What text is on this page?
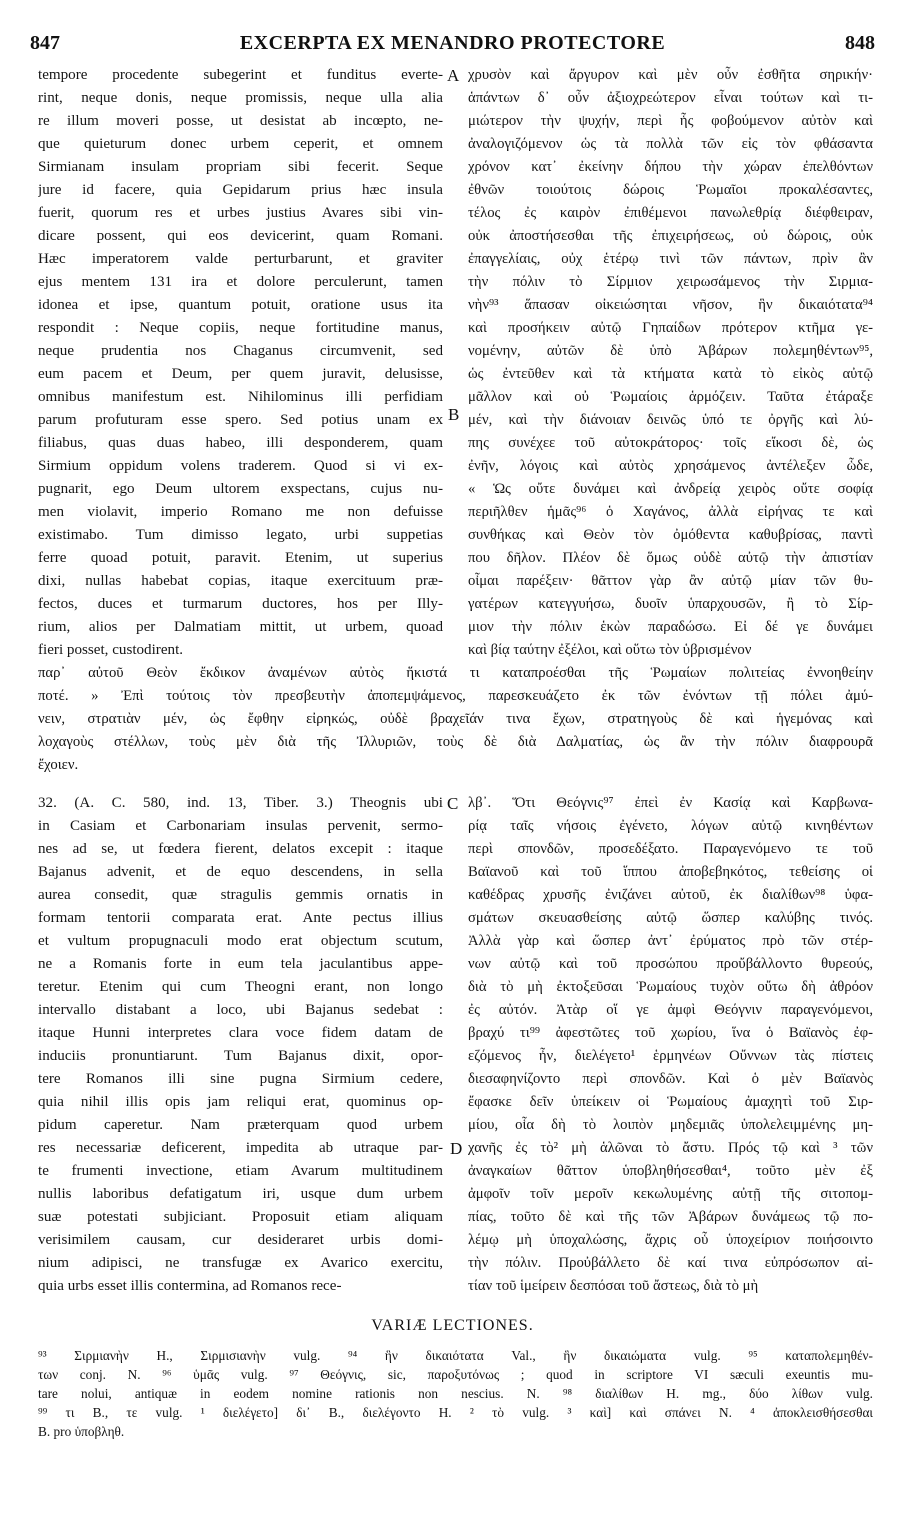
847	EXCERPTA EX MENANDRO PROTECTORE	848
tempore procedente subegerint et funditus everte-
rint, neque donis, neque promissis, neque ulla alia
re illum moveri posse, ut desistat ab incœpto, ne-
que quieturum donec urbem ceperit, et omnem
Sirmianam insulam propriam sibi fecerit. Seque
jure id facere, quia Gepidarum prius hæc insula
fuerit, quorum res et urbes justius Avares sibi vin-
dicare possent, qui eos devicerint, quam Romani.
Hæc imperatorem valde perturbarunt, et graviter
ejus mentem 131 ira et dolore perculerunt, tamen
idonea et ipse, quantum potuit, oratione usus ita
respondit : Neque copiis, neque fortitudine manus,
neque prudentia nos Chaganus circumvenit, sed
eum pacem et Deum, per quem juravit, delusisse,
omnibus manifestum est. Nihilominus illi perfidiam
parum profuturam esse spero. Sed potius unam ex
filiabus, quas duas habeo, illi desponderem, quam
Sirmium oppidum volens traderem. Quod si vi ex-
pugnarit, ego Deum ultorem exspectans, cujus nu-
men violavit, imperio Romano me non defuisse
existimabo. Tum dimisso legato, urbi suppetias
ferre quoad potuit, paravit. Etenim, ut superius
dixi, nullas habebat copias, itaque exercituum præ-
fectos, duces et turmarum ductores, hos per Illy-
rium, alios per Dalmatiam mittit, ut urbem, quoad
fieri posset, custodirent.
χρυσὸν καὶ ἄργυρον καὶ μὲν οὖν ἐσθῆτα σηρικήν·
ἁπάντων δ᾽ οὖν ἀξιοχρεώτερον εἶναι τούτων καὶ τι-
μιώτερον τὴν ψυχήν, περὶ ἧς φοβούμενον αὐτὸν καὶ
ἀναλογιζόμενον ὡς τὰ πολλὰ τῶν εἰς τὸν φθάσαντα
χρόνον κατ᾽ ἐκείνην δήπου τὴν χώραν ἐπελθόντων
ἐθνῶν τοιούτοις δώροις Ῥωμαῖοι προκαλέσαντες,
τέλος ἐς καιρὸν ἐπιθέμενοι πανωλεθρίᾳ διέφθειραν,
οὐκ ἀποστήσεσθαι τῆς ἐπιχειρήσεως, οὐ δώροις, οὐκ
ἐπαγγελίαις, οὐχ ἑτέρῳ τινὶ τῶν πάντων, πρὶν ἂν
τὴν πόλιν τὸ Σίρμιον χειρωσάμενος τὴν Σιρμια-
νὴν⁹³ ἅπασαν οἰκειώσηται νῆσον, ἣν δικαιότατα⁹⁴
καὶ προσήκειν αὐτῷ Γηπαίδων πρότερον κτῆμα γε-
νομένην, αὐτῶν δὲ ὑπὸ Ἀβάρων πολεμηθέντων⁹⁵,
ὡς ἐντεῦθεν καὶ τὰ κτήματα κατὰ τὸ εἰκὸς αὐτῷ
μᾶλλον καὶ οὐ Ῥωμαίοις ἁρμόζειν. Ταῦτα ἐτάραξε
μέν, καὶ τὴν διάνοιαν δεινῶς ὑπό τε ὀργῆς καὶ λύ-
πης συνέχεε τοῦ αὐτοκράτορος· τοῖς εἴκοσι δὲ, ὡς
ἐνῆν, λόγοις καὶ αὐτὸς χρησάμενος ἀντέλεξεν ὧδε,
« Ὡς οὔτε δυνάμει καὶ ἀνδρείᾳ χειρὸς οὔτε σοφίᾳ
περιῆλθεν ἡμᾶς⁹⁶ ὁ Χαγάνος, ἀλλὰ εἰρήνας τε καὶ
συνθήκας καὶ Θεὸν τὸν ὀμόθεντα καθυβρίσας, παντὶ
που δῆλον. Πλέον δὲ ὅμως οὐδὲ αὐτῷ τὴν ἀπιστίαν
οἶμαι παρέξειν· θᾶττον γὰρ ἂν αὐτῷ μίαν τῶν θυ-
γατέρων κατεγγυήσω, δυοῖν ὑπαρχουσῶν, ἢ τὸ Σίρ-
μιον τὴν πόλιν ἑκὼν παραδώσω. Εἰ δέ γε δυνάμει
καὶ βίᾳ ταύτην ἐξέλοι, καὶ οὕτω τὸν ὑβρισμένον
A
B
παρ᾽ αὐτοῦ Θεὸν ἔκδικον ἀναμένων αὐτὸς ἥκιστά τι καταπροέσθαι τῆς Ῥωμαίων πολιτείας ἐννοηθείην
ποτέ. » Ἐπὶ τούτοις τὸν πρεσβευτὴν ἀποπεμψάμενος, παρεσκευάζετο ἐκ τῶν ἐνόντων τῇ πόλει ἀμύ-
νειν, στρατιὰν μέν, ὡς ἔφθην εἰρηκώς, οὐδὲ βραχεῖάν τινα ἔχων, στρατηγοὺς δὲ καὶ ἡγεμόνας καὶ
λοχαγοὺς στέλλων, τοὺς μὲν διὰ τῆς Ἰλλυριῶν, τοὺς δὲ διὰ Δαλματίας, ὡς ἂν τὴν πόλιν διαφρουρᾶ
ἔχοιεν.
32. (A. C. 580, ind. 13, Tiber. 3.) Theognis ubi
in Casiam et Carbonariam insulas pervenit, sermo-
nes ad se, ut fœdera fierent, delatos excepit : itaque
Bajanus advenit, et de equo descendens, in sella
aurea consedit, quæ stragulis gemmis ornatis in
formam tentorii comparata erat. Ante pectus illius
et vultum propugnaculi modo erat objectum scutum,
ne a Romanis forte in eum tela jaculantibus appe-
teretur. Etenim qui cum Theogni erant, non longo
intervallo distabant a loco, ubi Bajanus sedebat :
itaque Hunni interpretes clara voce fidem datam de
induciis pronuntiarunt. Tum Bajanus dixit, opor-
tere Romanos illi sine pugna Sirmium cedere,
quia nihil illis opis jam reliqui erat, quominus op-
pidum caperetur. Nam præterquam quod urbem
res necessariæ deficerent, impedita ab utraque par-
te frumenti invectione, etiam Avarum multitudinem
nullis laboribus defatigatum iri, usque dum urbem
suæ potestati subjiciant. Proposuit etiam aliquam
verisimilem causam, cur desideraret urbis domi-
nium adipisci, ne transfugæ ex Avarico exercitu,
quia urbs esset illis contermina, ad Romanos rece-
λβ᾽. Ὅτι Θεόγνις⁹⁷ ἐπεὶ ἐν Κασίᾳ καὶ Καρβωνα-
ρίᾳ ταῖς νήσοις ἐγένετο, λόγων αὐτῷ κινηθέντων
περὶ σπονδῶν, προσεδέξατο. Παραγενόμενο τε τοῦ
Βαϊανοῦ καὶ τοῦ ἵππου ἀποβεβηκότος, τεθείσης οἱ
καθέδρας χρυσῆς ἐνιζάνει αὐτοῦ, ἐκ διαλίθων⁹⁸ ὑφα-
σμάτων σκευασθείσης αὐτῷ ὥσπερ καλύβης τινός.
Ἀλλὰ γὰρ καὶ ὥσπερ ἀντ᾽ ἐρύματος πρὸ τῶν στέρ-
νων αὐτῷ καὶ τοῦ προσώπου προὔβάλλοντο θυρεούς,
διὰ τὸ μὴ ἐκτοξεῦσαι Ῥωμαίους τυχὸν οὔτω δὴ ἀθρόον
ἐς αὐτόν. Ἀτὰρ οἵ γε ἀμφὶ Θεόγνιν παραγενόμενοι,
βραχύ τι⁹⁹ ἀφεστῶτες τοῦ χωρίου, ἵνα ὁ Βαϊανὸς ἐφ-
εζόμενος ἦν, διελέγετο¹ ἑρμηνέων Οὔννων τὰς πίστεις
διεσαφηνίζοντο περὶ σπονδῶν. Καὶ ὁ μὲν Βαϊανὸς
ἔφασκε δεῖν ὑπείκειν οἱ Ῥωμαίους ἀμαχητὶ τοῦ Σιρ-
μίου, οἷα δὴ τὸ λοιπὸν μηδεμιᾶς ὑπολελειμμένης μη-
χανῆς ἐς τὸ² μὴ ἁλῶναι τὸ ἄστυ. Πρός τῷ καὶ ³ τῶν
ἀναγκαίων θᾶττον ὑποβληθήσεσθαι⁴, τοῦτο μὲν ἐξ
ἀμφοῖν τοῖν μεροῖν κεκωλυμένης αὐτῇ τῆς σιτοπομ-
πίας, τοῦτο δὲ καὶ τῆς τῶν Ἀβάρων δυνάμεως τῷ πο-
λέμῳ μὴ ὑποχαλώσης, ἄχρις οὗ ὑποχείριον ποιήσοιντο
τὴν πόλιν. Προὐβάλλετο δὲ καί τινα εὐπρόσωπον αἰ-
τίαν τοῦ ἱμείρειν δεσπόσαι τοῦ ἄστεως, διὰ τὸ μὴ
C
D
VARIÆ LECTIONES.
⁹³ Σιρμιανὴν H., Σιρμισιανὴν vulg. ⁹⁴ ἣν δικαιότατα Val., ἣν δικαιώματα vulg. ⁹⁵ καταπολεμηθέν-
των conj. N. ⁹⁶ ὑμᾶς vulg. ⁹⁷ Θεόγνις, sic, παροξυτόνως ; quod in scriptore VI sæculi exeuntis mu-
tare nolui, antiquæ in eodem nomine rationis non nescius. N. ⁹⁸ διαλίθων H. mg., δύο λίθων vulg.
⁹⁹ τι B., τε vulg. ¹ διελέγετο] δι᾽ B., διελέγοντο H. ² τὸ vulg. ³ καὶ] καὶ σπάνει N. ⁴ ἀποκλεισθήσεσθαι
B. pro ὑποβληθ.
